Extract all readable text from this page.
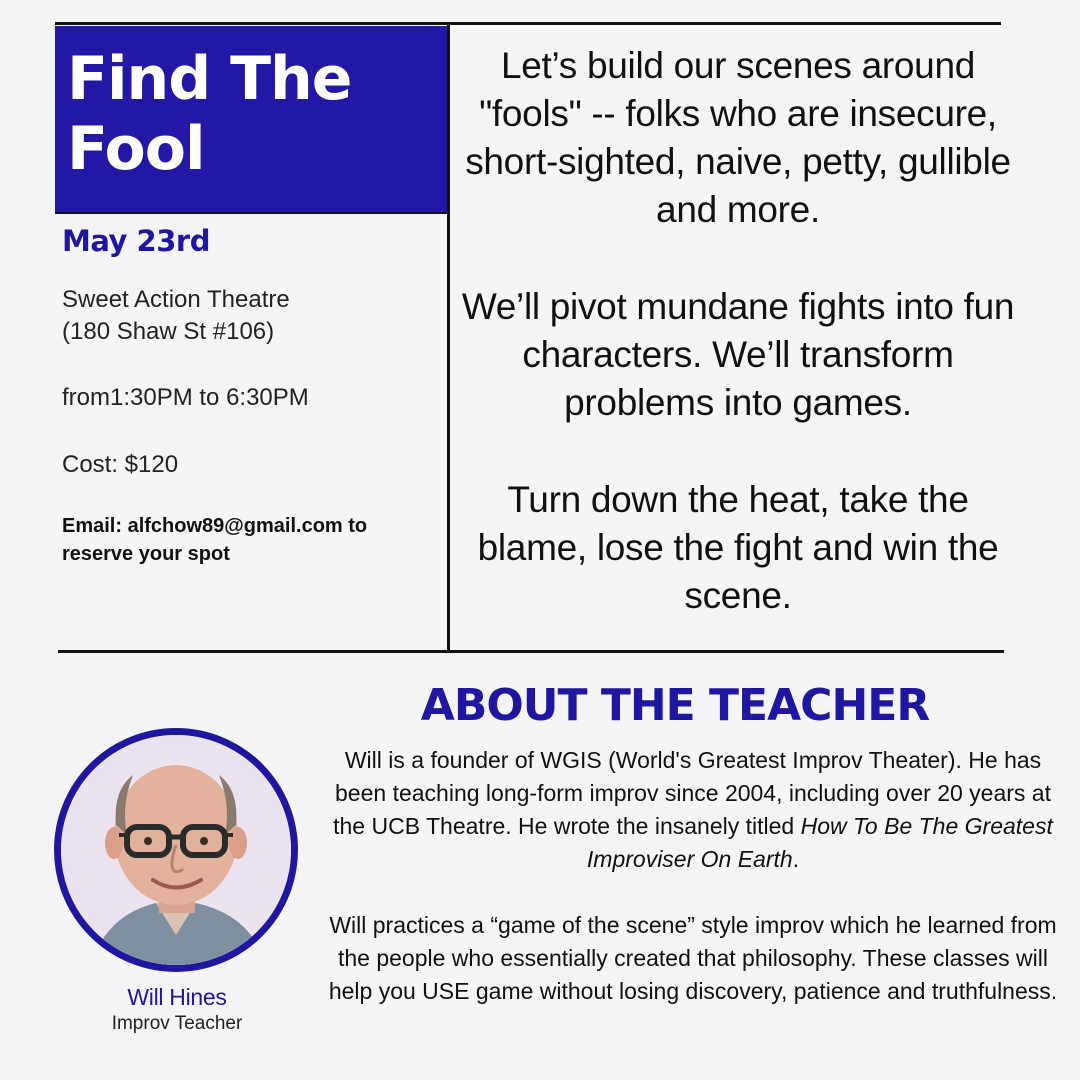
Find The Fool
May 23rd
Sweet Action Theatre
(180 Shaw St #106)
from1:30PM to 6:30PM
Cost: $120
Email: alfchow89@gmail.com to reserve your spot

Let’s build our scenes around "fools" -- folks who are insecure, short-sighted, naive, petty, gullible and more.

We’ll pivot mundane fights into fun characters. We’ll transform problems into games.

Turn down the heat, take the blame, lose the fight and win the scene.

ABOUT THE TEACHER

Will is a founder of WGIS (World's Greatest Improv Theater). He has been teaching long-form improv since 2004, including over 20 years at the UCB Theatre. He wrote the insanely titled How To Be The Greatest Improviser On Earth.

Will practices a “game of the scene” style improv which he learned from the people who essentially created that philosophy. These classes will help you USE game without losing discovery, patience and truthfulness.

Will Hines
Improv Teacher
